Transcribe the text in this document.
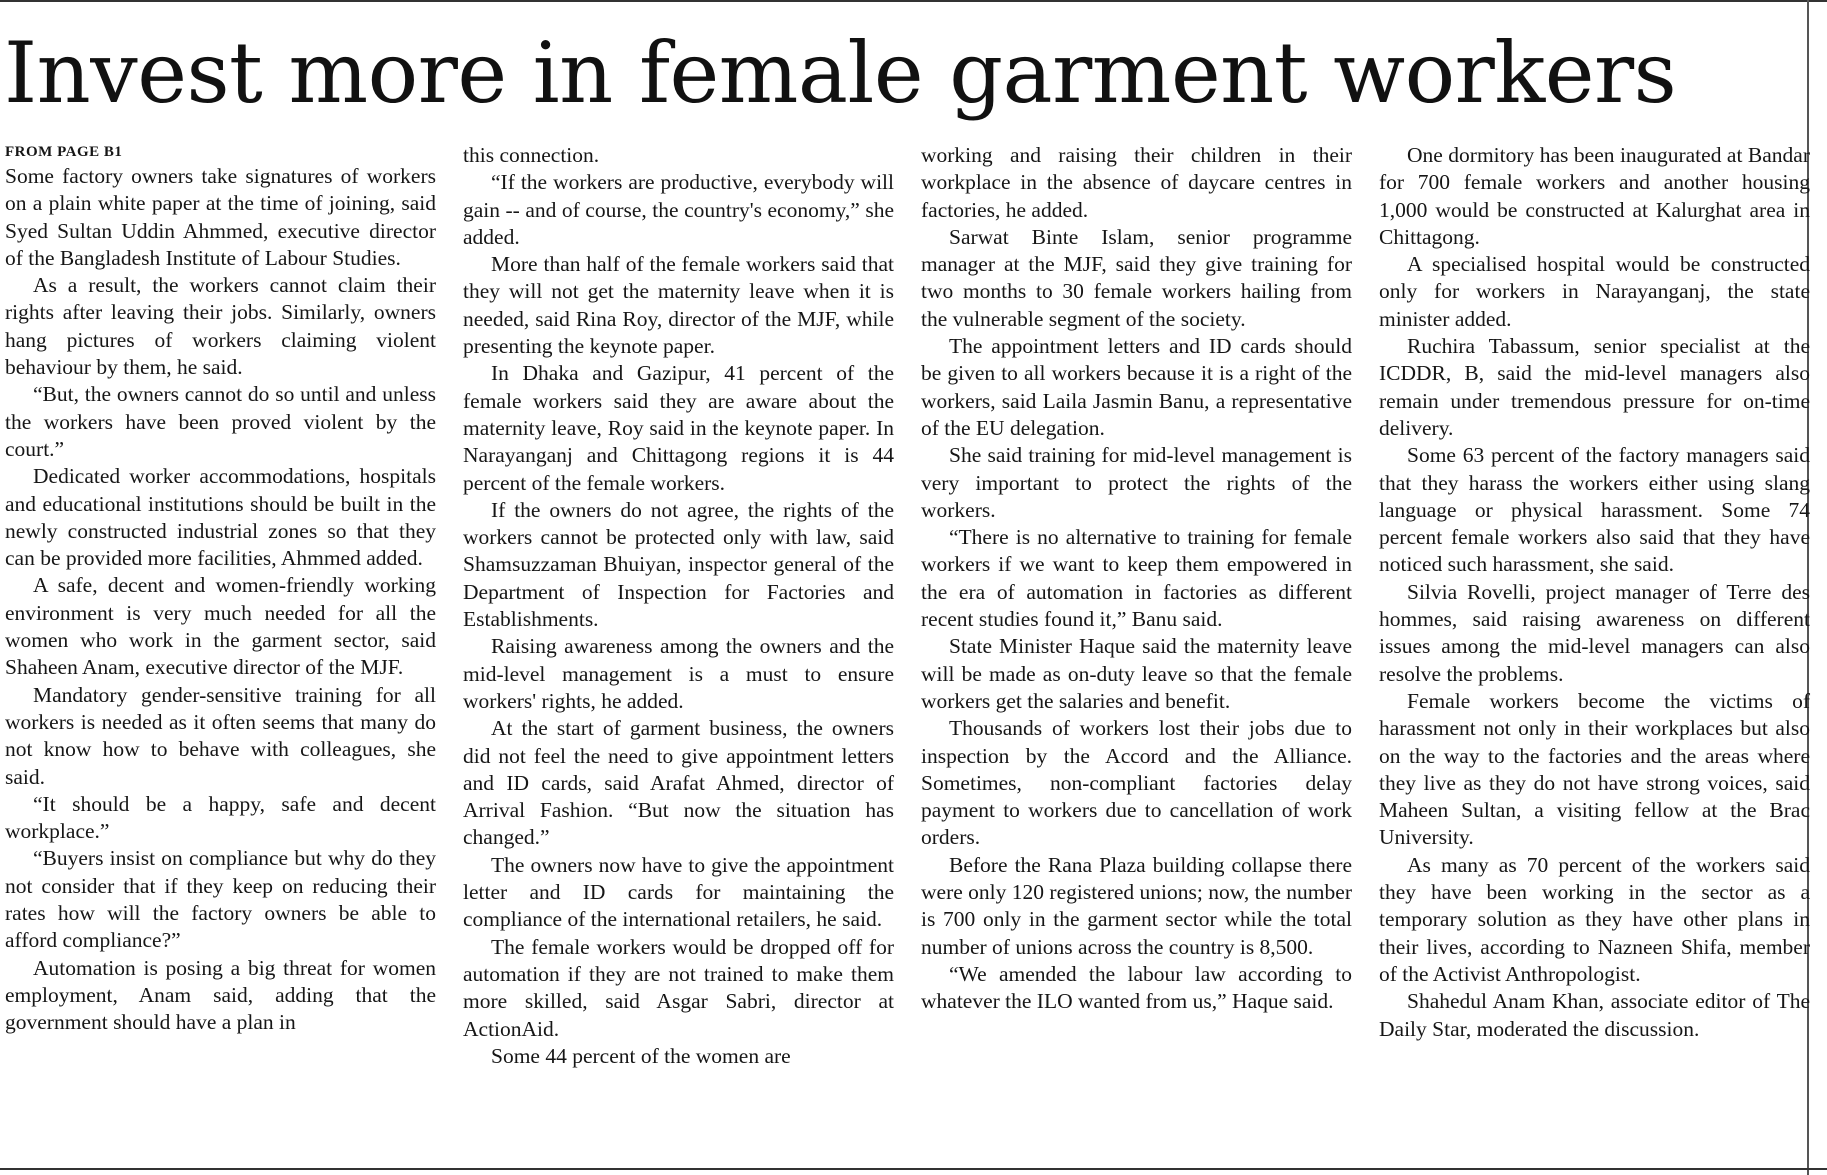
Invest more in female garment workers
FROM PAGE B1

Some factory owners take signatures of workers on a plain white paper at the time of joining, said Syed Sultan Uddin Ahmmed, executive director of the Bangladesh Institute of Labour Studies.

As a result, the workers cannot claim their rights after leaving their jobs. Similarly, owners hang pictures of workers claiming violent behaviour by them, he said.

“But, the owners cannot do so until and unless the workers have been proved violent by the court.”

Dedicated worker accommodations, hospitals and educational institutions should be built in the newly constructed industrial zones so that they can be provided more facilities, Ahmmed added.

A safe, decent and women-friendly working environment is very much needed for all the women who work in the garment sector, said Shaheen Anam, executive director of the MJF.

Mandatory gender-sensitive training for all workers is needed as it often seems that many do not know how to behave with colleagues, she said.

“It should be a happy, safe and decent workplace.”

“Buyers insist on compliance but why do they not consider that if they keep on reducing their rates how will the factory owners be able to afford compliance?”

Automation is posing a big threat for women employment, Anam said, adding that the government should have a plan in

this connection.

“If the workers are productive, everybody will gain -- and of course, the country's economy,” she added.

More than half of the female workers said that they will not get the maternity leave when it is needed, said Rina Roy, director of the MJF, while presenting the keynote paper.

In Dhaka and Gazipur, 41 percent of the female workers said they are aware about the maternity leave, Roy said in the keynote paper. In Narayanganj and Chittagong regions it is 44 percent of the female workers.

If the owners do not agree, the rights of the workers cannot be protected only with law, said Shamsuzzaman Bhuiyan, inspector general of the Department of Inspection for Factories and Establishments.

Raising awareness among the owners and the mid-level management is a must to ensure workers' rights, he added.

At the start of garment business, the owners did not feel the need to give appointment letters and ID cards, said Arafat Ahmed, director of Arrival Fashion. “But now the situation has changed.”

The owners now have to give the appointment letter and ID cards for maintaining the compliance of the international retailers, he said.

The female workers would be dropped off for automation if they are not trained to make them more skilled, said Asgar Sabri, director at ActionAid.

Some 44 percent of the women are

working and raising their children in their workplace in the absence of daycare centres in factories, he added.

Sarwat Binte Islam, senior programme manager at the MJF, said they give training for two months to 30 female workers hailing from the vulnerable segment of the society.

The appointment letters and ID cards should be given to all workers because it is a right of the workers, said Laila Jasmin Banu, a representative of the EU delegation.

She said training for mid-level management is very important to protect the rights of the workers.

“There is no alternative to training for female workers if we want to keep them empowered in the era of automation in factories as different recent studies found it,” Banu said.

State Minister Haque said the maternity leave will be made as on-duty leave so that the female workers get the salaries and benefit.

Thousands of workers lost their jobs due to inspection by the Accord and the Alliance. Sometimes, non-compliant factories delay payment to workers due to cancellation of work orders.

Before the Rana Plaza building collapse there were only 120 registered unions; now, the number is 700 only in the garment sector while the total number of unions across the country is 8,500.

“We amended the labour law according to whatever the ILO wanted from us,” Haque said.

One dormitory has been inaugurated at Bandar for 700 female workers and another housing 1,000 would be constructed at Kalurghat area in Chittagong.

A specialised hospital would be constructed only for workers in Narayanganj, the state minister added.

Ruchira Tabassum, senior specialist at the ICDDR, B, said the mid-level managers also remain under tremendous pressure for on-time delivery.

Some 63 percent of the factory managers said that they harass the workers either using slang language or physical harassment. Some 74 percent female workers also said that they have noticed such harassment, she said.

Silvia Rovelli, project manager of Terre des hommes, said raising awareness on different issues among the mid-level managers can also resolve the problems.

Female workers become the victims of harassment not only in their workplaces but also on the way to the factories and the areas where they live as they do not have strong voices, said Maheen Sultan, a visiting fellow at the Brac University.

As many as 70 percent of the workers said they have been working in the sector as a temporary solution as they have other plans in their lives, according to Nazneen Shifa, member of the Activist Anthropologist.

Shahedul Anam Khan, associate editor of The Daily Star, moderated the discussion.
